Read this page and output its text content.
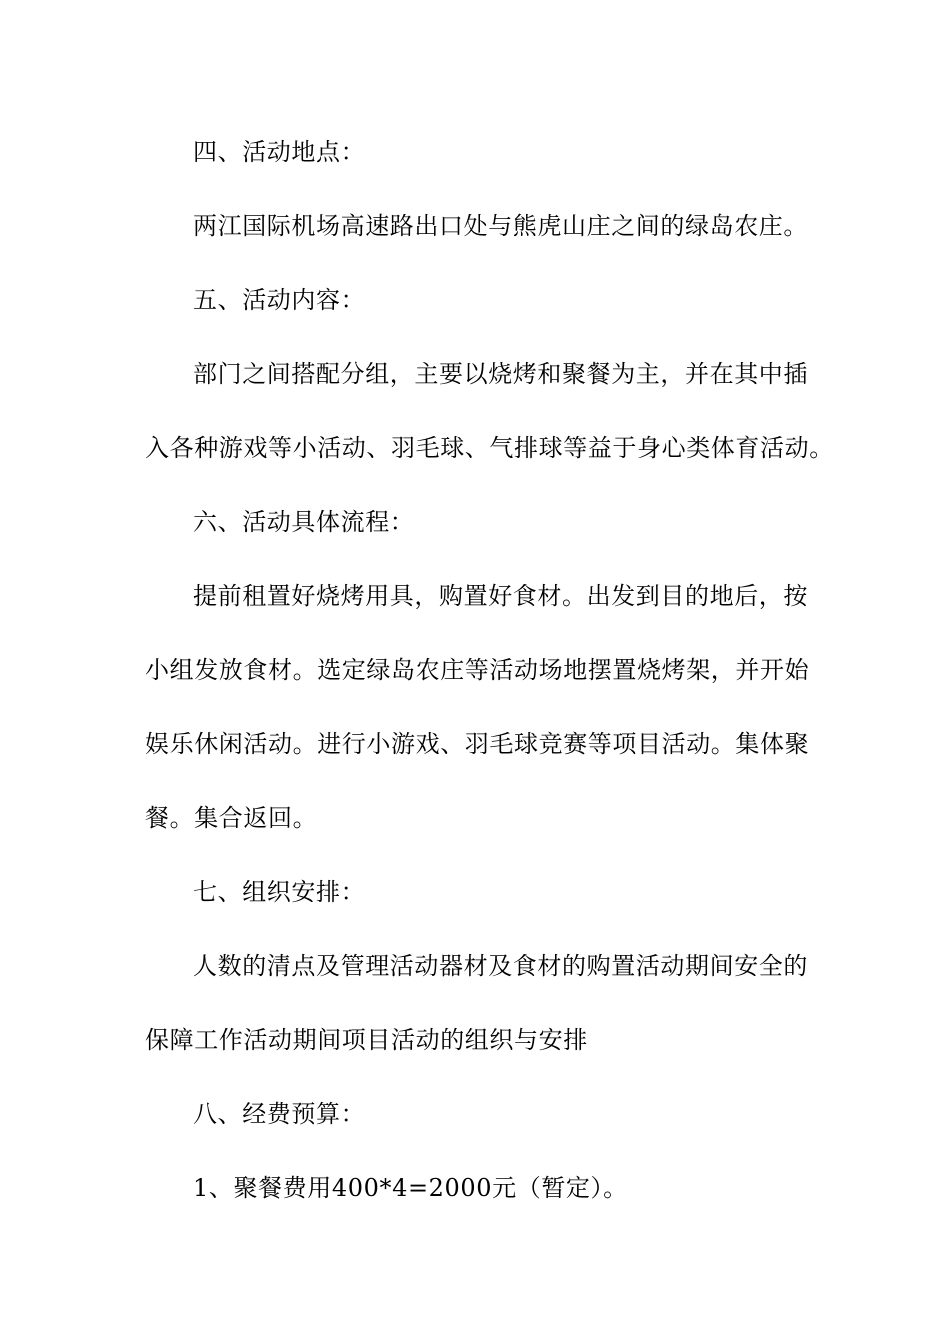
四、活动地点：
两江国际机场高速路出口处与熊虎山庄之间的绿岛农庄。
五、活动内容：
部门之间搭配分组，主要以烧烤和聚餐为主，并在其中插
入各种游戏等小活动、羽毛球、气排球等益于身心类体育活动。
六、活动具体流程：
提前租置好烧烤用具，购置好食材。出发到目的地后，按
小组发放食材。选定绿岛农庄等活动场地摆置烧烤架，并开始
娱乐休闲活动。进行小游戏、羽毛球竞赛等项目活动。集体聚
餐。集合返回。
七、组织安排：
人数的清点及管理活动器材及食材的购置活动期间安全的
保障工作活动期间项目活动的组织与安排
八、经费预算：
1、聚餐费用400*4=2000元（暂定）。
